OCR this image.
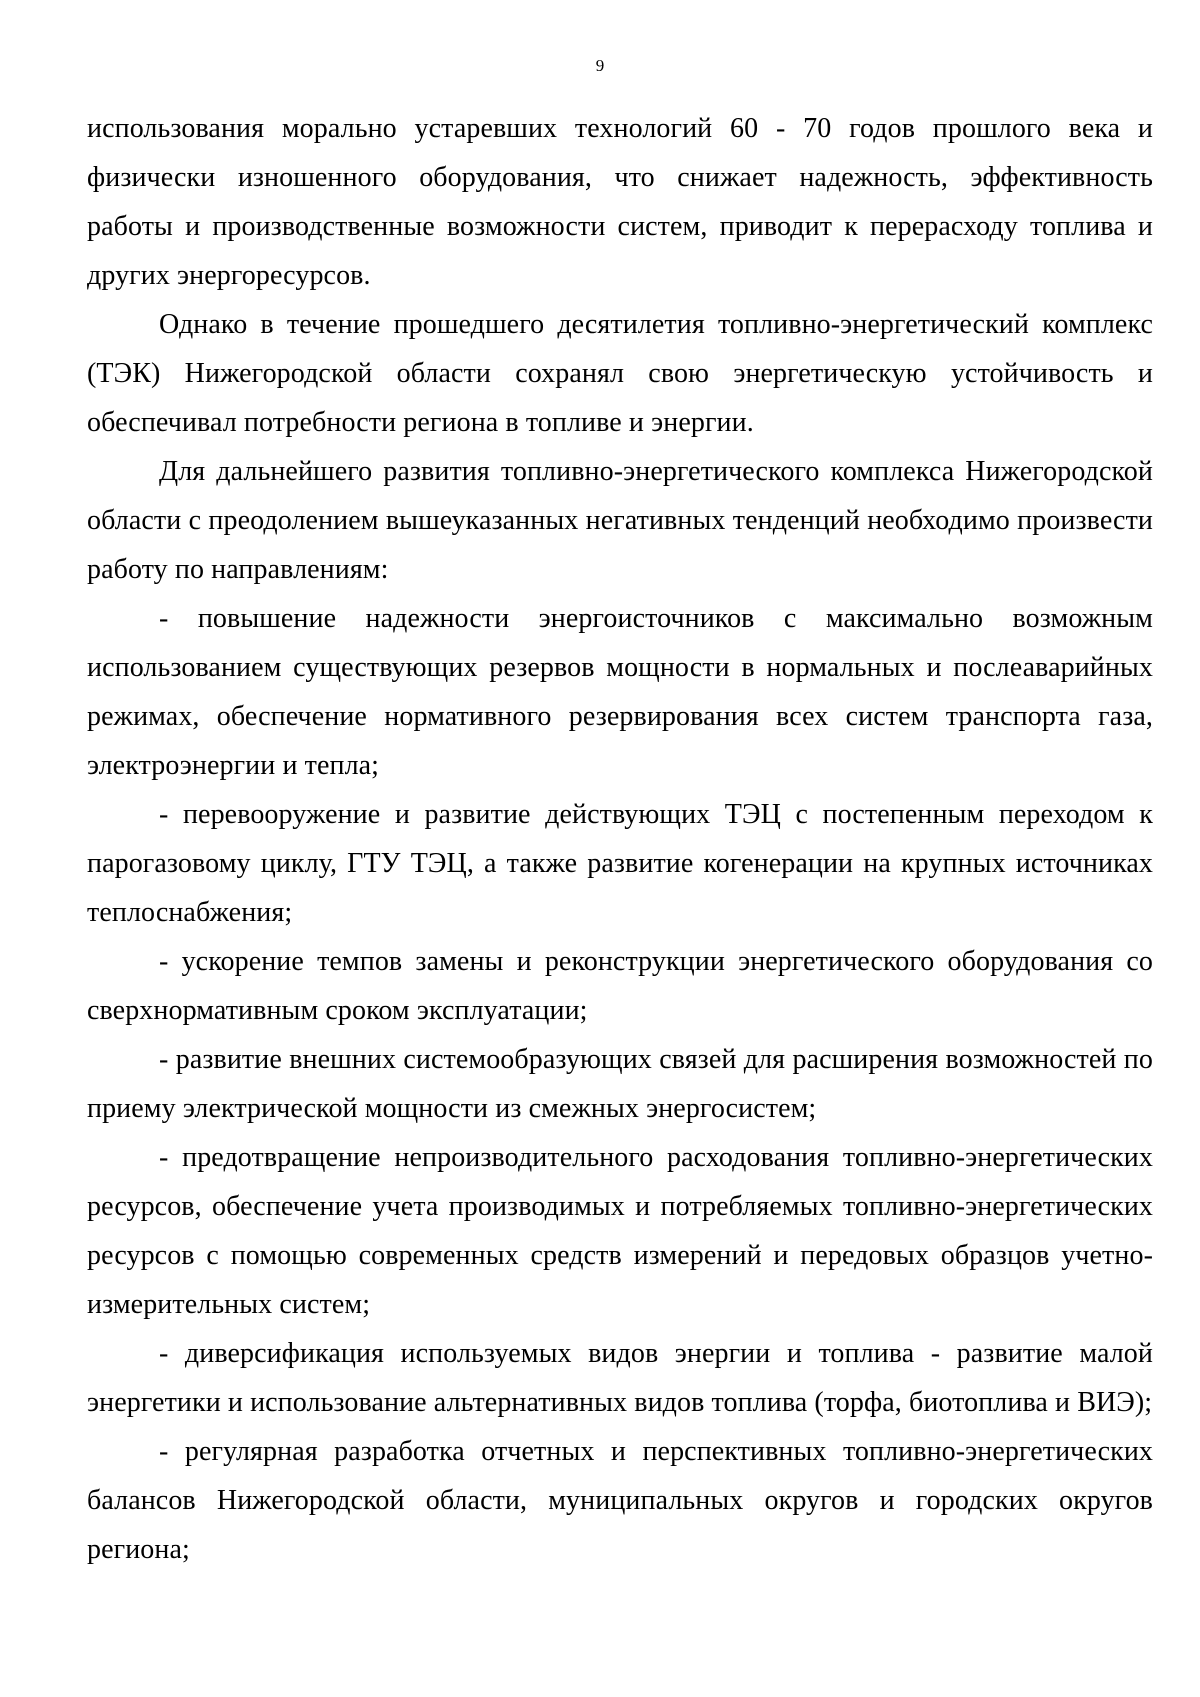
9

использования морально устаревших технологий 60 - 70 годов прошлого века и физически изношенного оборудования, что снижает надежность, эффективность работы и производственные возможности систем, приводит к перерасходу топлива и других энергоресурсов.

Однако в течение прошедшего десятилетия топливно-энергетический комплекс (ТЭК) Нижегородской области сохранял свою энергетическую устойчивость и обеспечивал потребности региона в топливе и энергии.

Для дальнейшего развития топливно-энергетического комплекса Нижегородской области с преодолением вышеуказанных негативных тенденций необходимо произвести работу по направлениям:

- повышение надежности энергоисточников с максимально возможным использованием существующих резервов мощности в нормальных и послеаварийных режимах, обеспечение нормативного резервирования всех систем транспорта газа, электроэнергии и тепла;

- перевооружение и развитие действующих ТЭЦ с постепенным переходом к парогазовому циклу, ГТУ ТЭЦ, а также развитие когенерации на крупных источниках теплоснабжения;

- ускорение темпов замены и реконструкции энергетического оборудования со сверхнормативным сроком эксплуатации;

- развитие внешних системообразующих связей для расширения возможностей по приему электрической мощности из смежных энергосистем;

- предотвращение непроизводительного расходования топливно-энергетических ресурсов, обеспечение учета производимых и потребляемых топливно-энергетических ресурсов с помощью современных средств измерений и передовых образцов учетно-измерительных систем;

- диверсификация используемых видов энергии и топлива - развитие малой энергетики и использование альтернативных видов топлива (торфа, биотоплива и ВИЭ);

- регулярная разработка отчетных и перспективных топливно-энергетических балансов Нижегородской области, муниципальных округов и городских округов региона;
